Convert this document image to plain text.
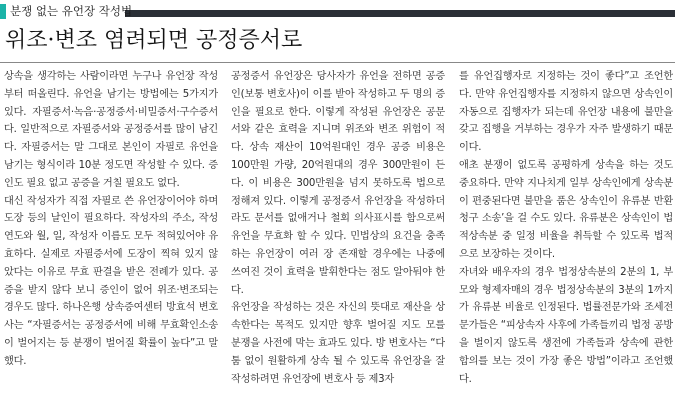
분쟁 없는 유언장 작성법
위조·변조 염려되면 공정증서로

상속을 생각하는 사람이라면 누구나 유언장 작성부터 떠올린다. 유언을 남기는 방법에는 5가지가 있다. 자필증서·녹음·공정증서·비밀증서·구수증서다. 일반적으로 자필증서와 공정증서를 많이 남긴다. 자필증서는 말 그대로 본인이 자필로 유언을 남기는 형식이라 10분 정도면 작성할 수 있다. 증인도 필요 없고 공증을 거칠 필요도 없다.

대신 작성자가 직접 자필로 쓴 유언장이어야 하며 도장 등의 날인이 필요하다. 작성자의 주소, 작성 연도와 월, 일, 작성자 이름도 모두 적혀있어야 유효하다. 실제로 자필증서에 도장이 찍혀 있지 않았다는 이유로 무효 판결을 받은 전례가 있다. 공증을 받지 않다 보니 증인이 없어 위조·변조되는 경우도 많다. 하나은행 상속증여센터 방효석 변호사는 “자필증서는 공정증서에 비해 무효확인소송이 벌어지는 등 분쟁이 벌어질 확률이 높다”고 말했다.

공정증서 유언장은 당사자가 유언을 전하면 공증인(보통 변호사)이 이를 받아 작성하고 두 명의 증인을 필요로 한다. 이렇게 작성된 유언장은 공문서와 같은 효력을 지니며 위조와 변조 위험이 적다. 상속 재산이 10억원대인 경우 공증 비용은 100만원 가량, 20억원대의 경우 300만원이 든다. 이 비용은 300만원을 넘지 못하도록 법으로 정해져 있다. 이렇게 공정증서 유언장을 작성하더라도 문서를 없애거나 철회 의사표시를 함으로써 유언을 무효화 할 수 있다. 민법상의 요건을 충족하는 유언장이 여러 장 존재할 경우에는 나중에 쓰여진 것이 효력을 발휘한다는 점도 알아둬야 한다.

유언장을 작성하는 것은 자신의 뜻대로 재산을 상속한다는 목적도 있지만 향후 벌어질 지도 모를 분쟁을 사전에 막는 효과도 있다. 방 변호사는 “다툼 없이 원활하게 상속 될 수 있도록 유언장을 잘 작성하려면 유언장에 변호사 등 제3자

를 유언집행자로 지정하는 것이 좋다”고 조언한다. 만약 유언집행자를 지정하지 않으면 상속인이 자동으로 집행자가 되는데 유언장 내용에 불만을 갖고 집행을 거부하는 경우가 자주 발생하기 때문이다.

애초 분쟁이 없도록 공평하게 상속을 하는 것도 중요하다. 만약 지나치게 일부 상속인에게 상속분이 편중된다면 불만을 품은 상속인이 유류분 반환청구 소송’을 걸 수도 있다. 유류분은 상속인이 법적상속분 중 일정 비율을 취득할 수 있도록 법적으로 보장하는 것이다.

자녀와 배우자의 경우 법정상속분의 2분의 1, 부모와 형제자매의 경우 법정상속분의 3분의 1까지가 유류분 비율로 인정된다. 법률전문가와 조세전문가들은 “피상속자 사후에 가족들끼리 법정 공방을 벌이지 않도록 생전에 가족들과 상속에 관한 합의를 보는 것이 가장 좋은 방법”이라고 조언했다.
